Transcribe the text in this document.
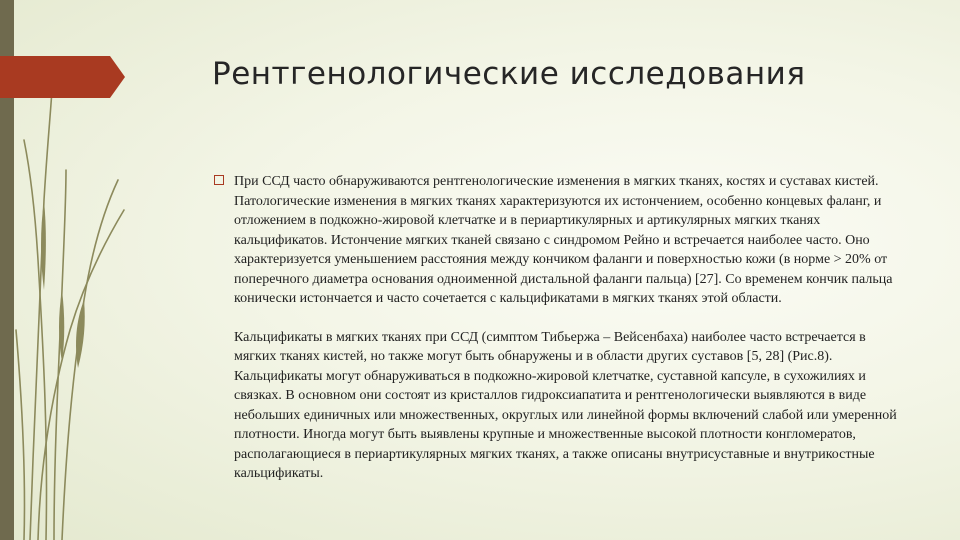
Рентгенологические исследования

При ССД часто обнаруживаются рентгенологические изменения в мягких тканях, костях и суставах кистей. Патологические изменения в мягких тканях характеризуются их истончением, особенно концевых фаланг, и отложением в подкожно-жировой клетчатке и в периартикулярных и артикулярных мягких тканях кальцификатов. Истончение мягких тканей связано с синдромом Рейно и встречается наиболее часто. Оно характеризуется уменьшением расстояния между кончиком фаланги и поверхностью кожи (в норме > 20% от поперечного диаметра основания одноименной дистальной фаланги пальца) [27]. Со временем кончик пальца конически истончается и часто сочетается с кальцификатами в мягких тканях этой области.

Кальцификаты в мягких тканях при ССД (симптом Тибьержа – Вейсенбаха) наиболее часто встречается в мягких тканях кистей, но также могут быть обнаружены и в области других суставов [5, 28] (Рис.8). Кальцификаты могут обнаруживаться в подкожно-жировой клетчатке, суставной капсуле, в сухожилиях и связках. В основном они состоят из кристаллов гидроксиапатита и рентгенологически выявляются в виде небольших единичных или множественных, округлых или линейной формы включений слабой или умеренной плотности. Иногда могут быть выявлены крупные и множественные высокой плотности конгломератов, располагающиеся в периартикулярных мягких тканях, а также описаны внутрисуставные и внутрикостные кальцификаты.
